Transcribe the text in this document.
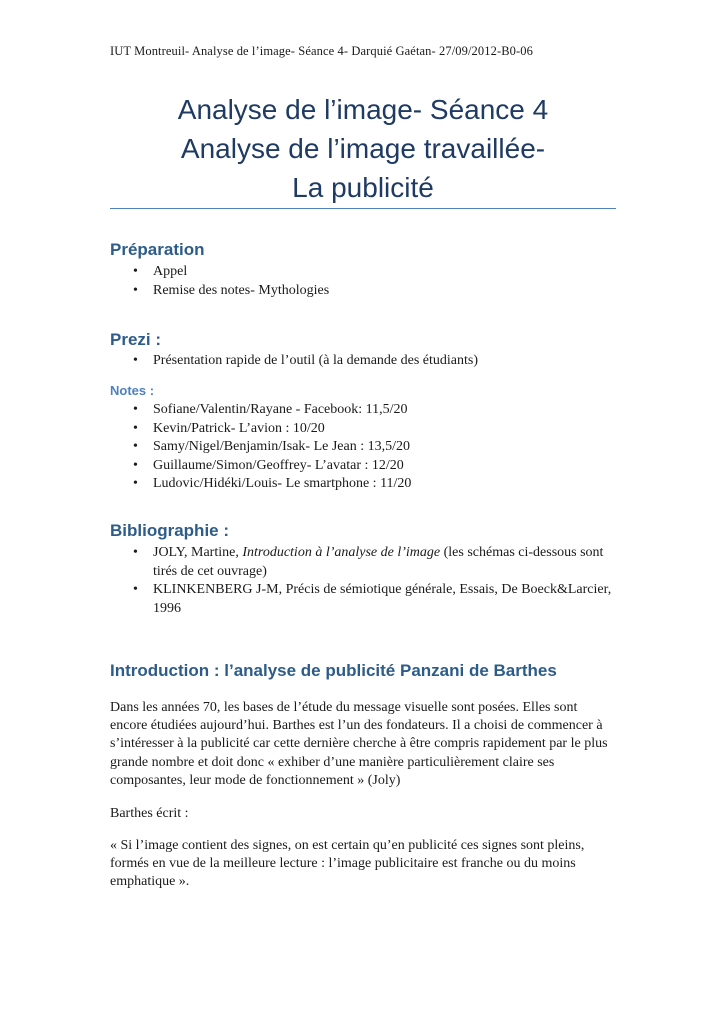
IUT Montreuil- Analyse de l’image- Séance 4- Darquié Gaétan- 27/09/2012-B0-06
Analyse de l’image- Séance 4
Analyse de l’image travaillée-
La publicité
Préparation
• Appel
• Remise des notes- Mythologies
Prezi :
• Présentation rapide de l’outil (à la demande des étudiants)
Notes :
• Sofiane/Valentin/Rayane - Facebook: 11,5/20
• Kevin/Patrick- L’avion : 10/20
• Samy/Nigel/Benjamin/Isak- Le Jean : 13,5/20
• Guillaume/Simon/Geoffrey- L’avatar : 12/20
• Ludovic/Hidéki/Louis- Le smartphone : 11/20
Bibliographie :
• JOLY, Martine, Introduction à l’analyse de l’image (les schémas ci-dessous sont tirés de cet ouvrage)
• KLINKENBERG J-M, Précis de sémiotique générale, Essais, De Boeck&Larcier, 1996
Introduction : l’analyse de publicité Panzani de Barthes

Dans les années 70, les bases de l’étude du message visuelle sont posées. Elles sont encore étudiées aujourd’hui. Barthes est l’un des fondateurs. Il a choisi de commencer à s’intéresser à la publicité car cette dernière cherche à être compris rapidement par le plus grande nombre et doit donc « exhiber d’une manière particulièrement claire ses composantes, leur mode de fonctionnement » (Joly)

Barthes écrit :

« Si l’image contient des signes, on est certain qu’en publicité ces signes sont pleins, formés en vue de la meilleure lecture : l’image publicitaire est franche ou du moins emphatique ».
